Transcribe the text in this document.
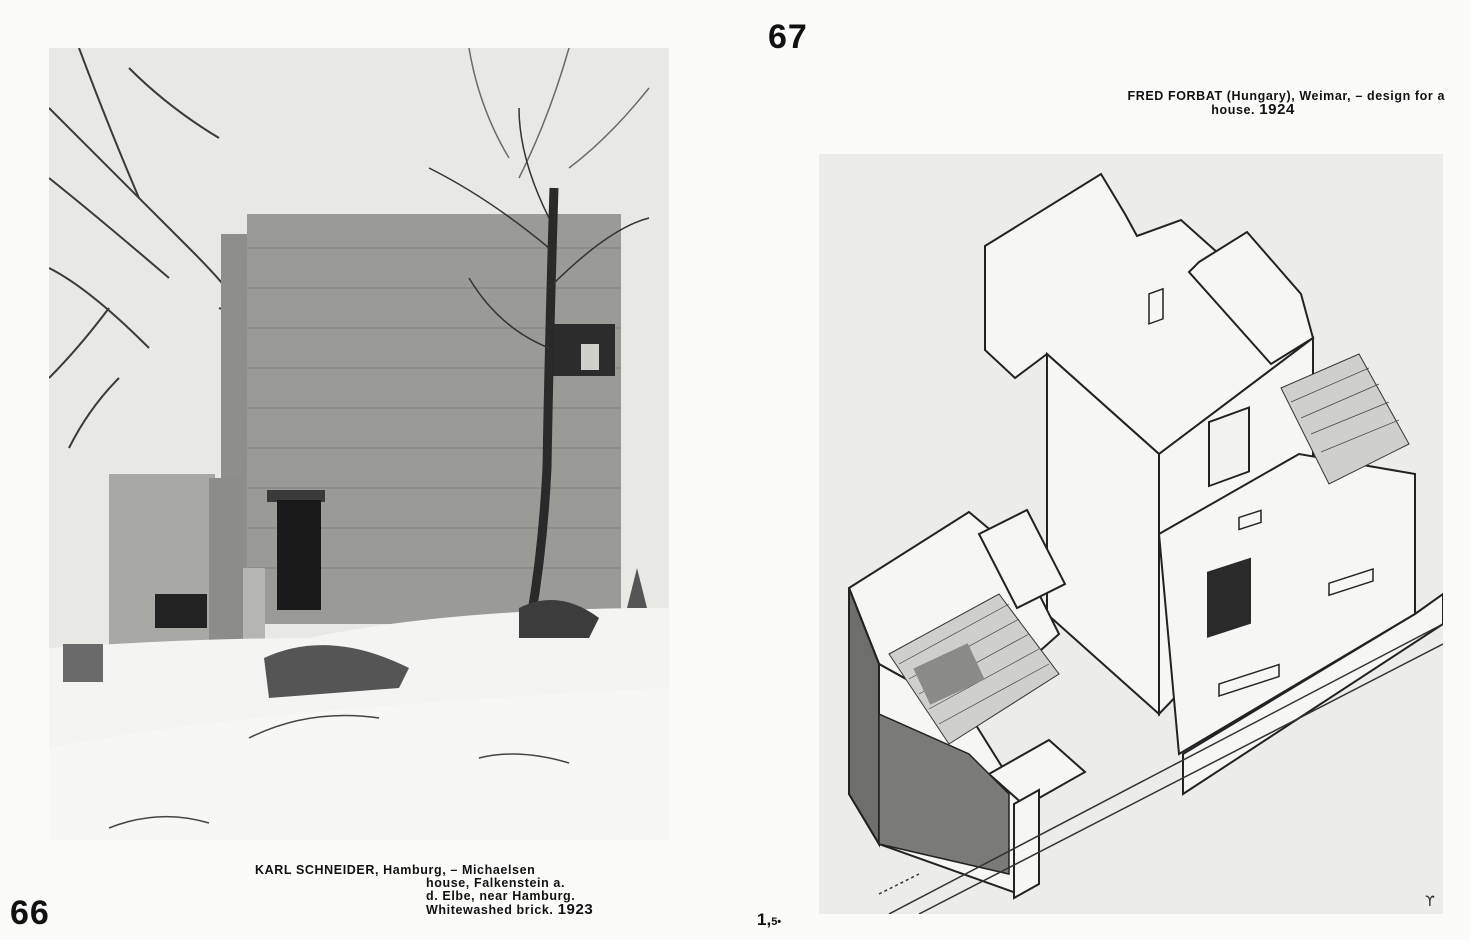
ϒ
66
67
KARL SCHNEIDER, Hamburg, – Michaelsen
house, Falkenstein a.
d. Elbe, near Hamburg.
Whitewashed brick. 1923
FRED FORBAT (Hungary), Weimar, – design for a
house. 1924
1,5•
